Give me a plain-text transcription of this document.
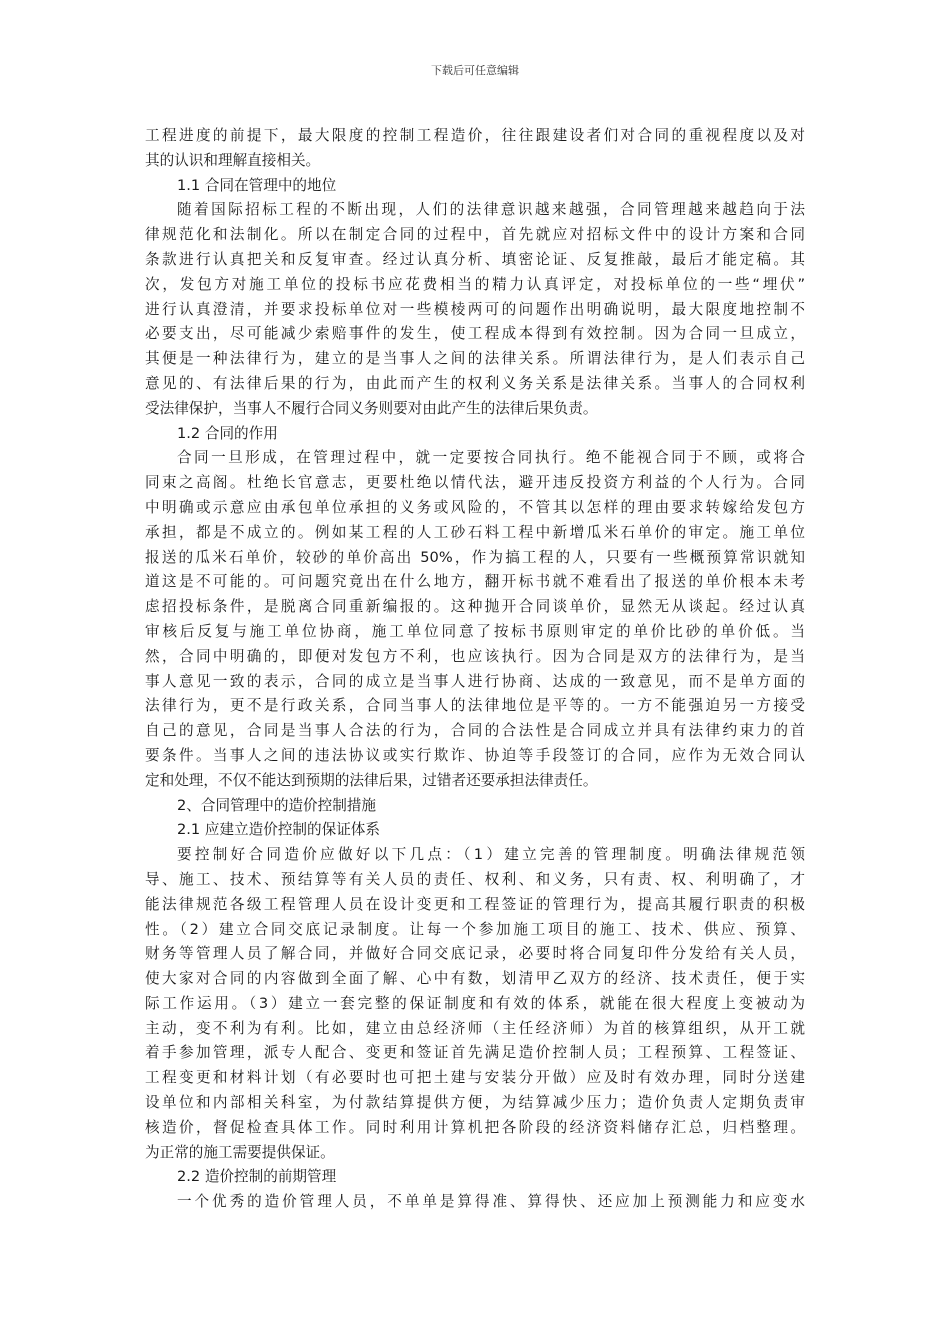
下载后可任意编辑
工程进度的前提下，最大限度的控制工程造价，往往跟建设者们对合同的重视程度以及对
其的认识和理解直接相关。
1.1 合同在管理中的地位
随着国际招标工程的不断出现，人们的法律意识越来越强，合同管理越来越趋向于法
律规范化和法制化。所以在制定合同的过程中，首先就应对招标文件中的设计方案和合同
条款进行认真把关和反复审查。经过认真分析、填密论证、反复推敲，最后才能定稿。其
次，发包方对施工单位的投标书应花费相当的精力认真评定，对投标单位的一些“埋伏”
进行认真澄清，并要求投标单位对一些模棱两可的问题作出明确说明，最大限度地控制不
必要支出，尽可能减少索赔事件的发生，使工程成本得到有效控制。因为合同一旦成立，
其便是一种法律行为，建立的是当事人之间的法律关系。所谓法律行为，是人们表示自己
意见的、有法律后果的行为，由此而产生的权利义务关系是法律关系。当事人的合同权利
受法律保护，当事人不履行合同义务则要对由此产生的法律后果负责。
1.2 合同的作用
合同一旦形成，在管理过程中，就一定要按合同执行。绝不能视合同于不顾，或将合
同束之高阁。杜绝长官意志，更要杜绝以情代法，避开违反投资方利益的个人行为。合同
中明确或示意应由承包单位承担的义务或风险的，不管其以怎样的理由要求转嫁给发包方
承担，都是不成立的。例如某工程的人工砂石料工程中新增瓜米石单价的审定。施工单位
报送的瓜米石单价，较砂的单价高出 50%，作为搞工程的人，只要有一些概预算常识就知
道这是不可能的。可问题究竟出在什么地方，翻开标书就不难看出了报送的单价根本未考
虑招投标条件，是脱离合同重新编报的。这种抛开合同谈单价，显然无从谈起。经过认真
审核后反复与施工单位协商，施工单位同意了按标书原则审定的单价比砂的单价低。当
然，合同中明确的，即便对发包方不利，也应该执行。因为合同是双方的法律行为，是当
事人意见一致的表示，合同的成立是当事人进行协商、达成的一致意见，而不是单方面的
法律行为，更不是行政关系，合同当事人的法律地位是平等的。一方不能强迫另一方接受
自己的意见，合同是当事人合法的行为，合同的合法性是合同成立并具有法律约束力的首
要条件。当事人之间的违法协议或实行欺诈、协迫等手段签订的合同，应作为无效合同认
定和处理，不仅不能达到预期的法律后果，过错者还要承担法律责任。
2、合同管理中的造价控制措施
2.1 应建立造价控制的保证体系
要控制好合同造价应做好以下几点：（1）建立完善的管理制度。明确法律规范领
导、施工、技术、预结算等有关人员的责任、权利、和义务，只有责、权、利明确了，才
能法律规范各级工程管理人员在设计变更和工程签证的管理行为，提高其履行职责的积极
性。（2）建立合同交底记录制度。让每一个参加施工项目的施工、技术、供应、预算、
财务等管理人员了解合同，并做好合同交底记录，必要时将合同复印件分发给有关人员，
使大家对合同的内容做到全面了解、心中有数，划清甲乙双方的经济、技术责任，便于实
际工作运用。（3）建立一套完整的保证制度和有效的体系，就能在很大程度上变被动为
主动，变不利为有利。比如，建立由总经济师（主任经济师）为首的核算组织，从开工就
着手参加管理，派专人配合、变更和签证首先满足造价控制人员；工程预算、工程签证、
工程变更和材料计划（有必要时也可把土建与安装分开做）应及时有效办理，同时分送建
设单位和内部相关科室，为付款结算提供方便，为结算减少压力；造价负责人定期负责审
核造价，督促检查具体工作。同时利用计算机把各阶段的经济资料储存汇总，归档整理。
为正常的施工需要提供保证。
2.2 造价控制的前期管理
一个优秀的造价管理人员，不单单是算得准、算得快、还应加上预测能力和应变水
